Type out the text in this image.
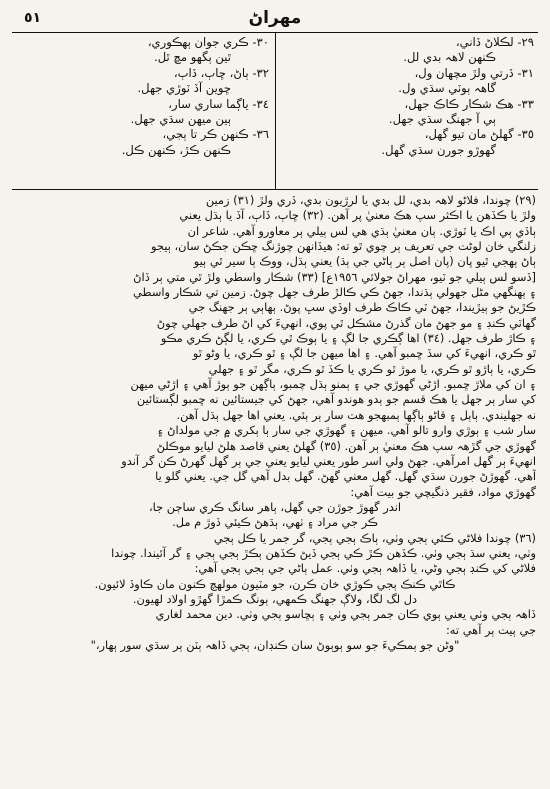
مھراڻ
٥١
٢٩- لڪلاڻ ڏاني،
ڪنهن لاهہ بدي لل.
٣١- ڏرتي ولڙ مچھان ول،
گاهہ ٻوٽي سڌي ول.
٣٣- هڪ شڪار ڪاڪ جهل،
ٻي آ جهنگ سڌي جهل.
٣٥- گهلڻ مان تيو گهل،
گهوڙو جورن سڌي گهل.
٣٠- ڪري جوان ٻهڪوري،
ٿين ٻگھو مڇ ٿل.
٣٢- ٻاڻ، ڇاٻ، ڏاٻ،
ڇوين آڏ ٽوڙي جهل.
٣٤- ياڳما ساري سار،
ٻين ميهن سڌي جهل.
٣٦- ڪنهن ڪر تا ٻجي،
ڪنهن ڪڙ، ڪنهن ڪل.
(٢٩) چوندا، فلاڻو لاهہ بدي، لل بدي يا لرڙيون بدي، ڏري ولڙ (٣١) زمين
ولڙ يا ڪڏهن يا اڪثر سپ هڪ معنيٰ پر آهن. (٣٢) ڇاٻ، ڏاٻ، آڏ يا ٻڌل يعني
ٻاڏي ٻي اڪ يا ٽوڙي. ٻان معنيٰ ٻڌي هي لس ٻيلي ٻر معاورو آهي. شاعر ان
زلنگي خان لوڻت جي تعريف ٻر چوي ٿو ته: هيڏانهن چوڙنگ ڇڪن جڪڻ سان، ٻيجو
ٻاڻ ٻهجي ٿيو پان (پان اصل ٻر ٻاڻي جي ٻڌ) يعني ٻڌل، ووڪ ٻا سير ٿي ٻيو
[ڏسو لس ٻيلي جو ٽيو، مهراڻ جولائي ١٩٥٦ع] (٣٣) شڪار واسطي ولڙ ٿي متي ٻر ڏاڻ
۽ ٻهنگهي مڻل جهولي ٻڌندا، جهڻ ڪي ڪالڙ طرف جهل چوڻ. زمين تي شڪار واسطي
ڪڙيڻ جو ٻيڙيندا، جهڻ ٽي ڪاڪ طرف اوڏي سڀ پوڻ. ٻهاٻي ٻر جهنگ جي
گهاٽي ڪنڊ ۽ مو جهڻ مان گذرڻ مشڪل ٿي پوي، انهيءَ کي اڻ طرف جهلي چوڻ
۽ ڪاڙ طرف جهل. (٣٤) اها ڳڪري جا لڳ ۽ يا ٻوڪ ٿي ڪري، يا لڳڻ ڪري مڪو
ٿو ڪري، انهيءَ کي سڏ ڇمبو آهي. ۽ اها ميهن جا لڳ ۽ ٿو ڪري، يا وڻو ٿو
ڪري، يا ٻاڙو ٿو ڪري، يا موڙ ٿو ڪري يا ڪڏ ٿو ڪري، مگر ٿو ۽ جهلي
۽ ان کي ملاڙ ڇمبو. اڙڻي گهوڙي جي ۽ ٻمنو ٻڌل چمبو، ٻاڳهن جو ٻوڙ آهي ۽ اڙڻي ميهن
کي سار ٻر جهل يا هڪ قسم جو ٻدو هوندو آهي، جهڻ کي جيستائين نه ڇمبو لڳستائين
نه جهليندي. ٻاٻل ۽ قاڻو ٻاڳها ٻمبهجو هت سار ٻر ٻئي. يعني اها جهل ٻڌل آهن.
سار شب ۽ ٻوڙي وارو تالو آهي. ميهن ۽ گهوڙي جي سار ٻا ٻکري ۾ جي مولداڻ ۽
گهوڙي جي گڙهہ سپ هڪ معنيٰ ٻر آهن. (٣٥) گهلڻ يعني قاصد هلڻ ليايو موڪلڻ
انهيءَ ٻر گهل امرآهي. جهڻ ولي اسر طور يعني ليايو يعني جي ٻر گهل گهرڻ ڪن گر آندو
آهي. گهوڙڻ جورن سڌي گهل. گهل معني گهڻ. گهل بدل آهي گل جي. يعني گلو يا
گهوڙي مواد، فقير ذنگيچي جو بيت آهي:
اندر گهوڙ جوڙن جي گهل، ٻاهر سانگ ڪري ساڄن جا،
ڪر جي مراد ۽ ٺهي، ٻڌهڻ ڪيئي ڏوڙ م مل.
(٣٦) چوندا فلاڻي ڪئي ٻجي وٺي، ٻاڪ ٻجي ٻجي، گر جمر يا ڪل ٻجي
وٺي، يعني سڌ ٻجي وٺي. ڪڏهن ڪڙ ڪي ٻجي ڏيڻ ڪڏهن ٻڪڙ ٻجي ٻجي ۽ گر آئيندا. چوندا
فلاڻي کي ڪنڊ ٻجي وڻي، يا ڏاهہ ٻجي وٺي. عمل ٻاڻي جي ٻجي ٻجي آهي:
ڪاٿي ڪنڪ ٻجي ڪوڙي خان ڪرن، جو مٽيون مولهچ ڪنون مان ڪاوڏ لائيون.
دل لگ لگا، ولاڳ جهنگ ڪمهي، ٻونگ ڪمڙا گهڙو اولاد لهيون.
ڏاهہ ٻجي وٺي يعني ٻوي ڪان جمر ٻجي وٺي ۽ ٻڇاسو ٻجي وٺي. دين محمد لغاري
جي ٻيت ٻر آهي ته:
"وڻن جو ٻمڪيءَ جو سو ٻوٻوڻ سان ڪنڊان، ٻجي ڏاهہ ٻٽن ٻر سڌي سور ٻهار،"
